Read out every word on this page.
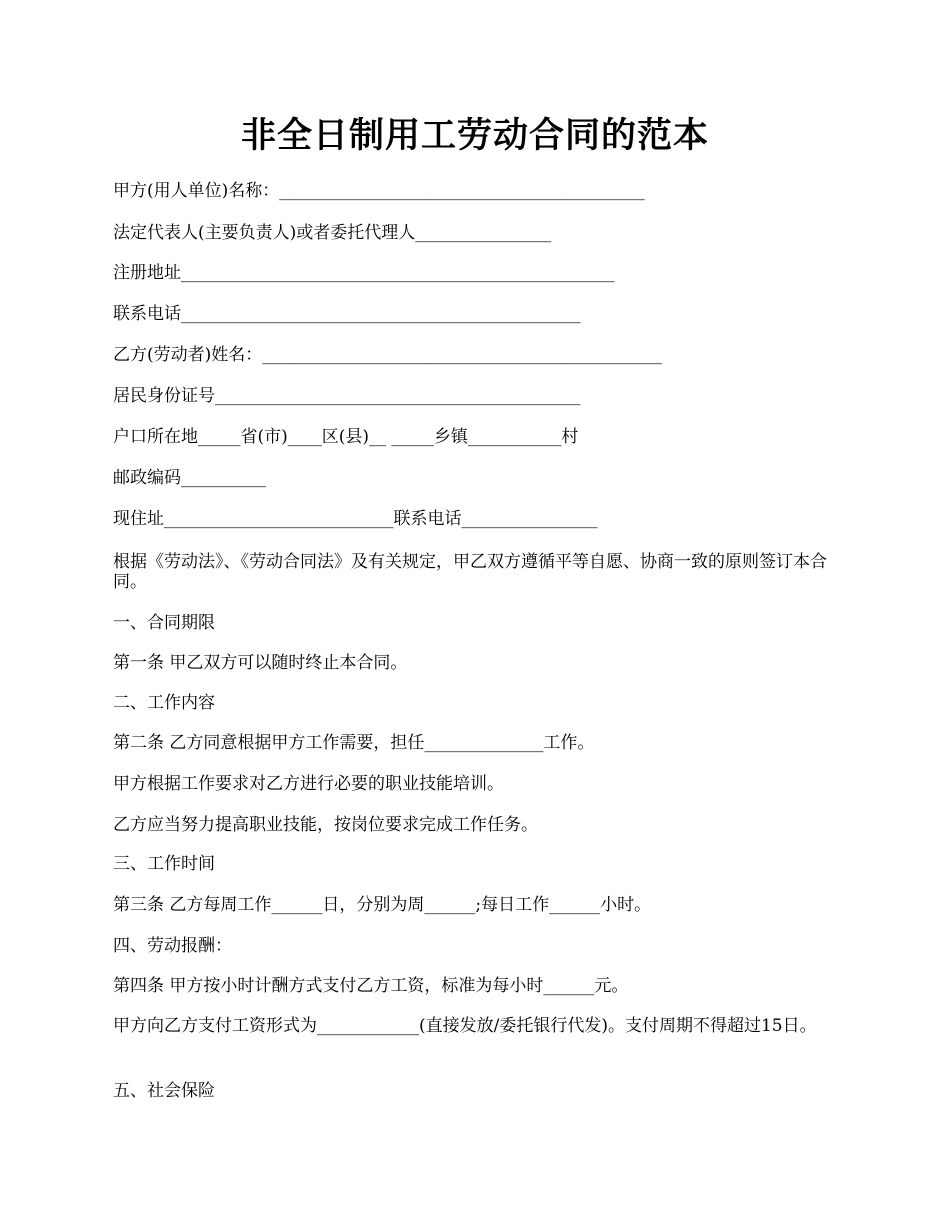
非全日制用工劳动合同的范本
甲方(用人单位)名称：___________________________________________
法定代表人(主要负责人)或者委托代理人________________
注册地址___________________________________________________
联系电话_______________________________________________
乙方(劳动者)姓名：_______________________________________________
居民身份证号___________________________________________
户口所在地_____省(市)____区(县)__ _____乡镇___________村
邮政编码__________
现住址___________________________联系电话________________
根据《劳动法》、《劳动合同法》及有关规定，甲乙双方遵循平等自愿、协商一致的原则签订本合同。
一、合同期限
第一条 甲乙双方可以随时终止本合同。
二、工作内容
第二条 乙方同意根据甲方工作需要，担任______________工作。
甲方根据工作要求对乙方进行必要的职业技能培训。
乙方应当努力提高职业技能，按岗位要求完成工作任务。
三、工作时间
第三条 乙方每周工作______日，分别为周______;每日工作______小时。
四、劳动报酬：
第四条 甲方按小时计酬方式支付乙方工资，标准为每小时______元。
甲方向乙方支付工资形式为____________(直接发放/委托银行代发)。支付周期不得超过15日。
五、社会保险
